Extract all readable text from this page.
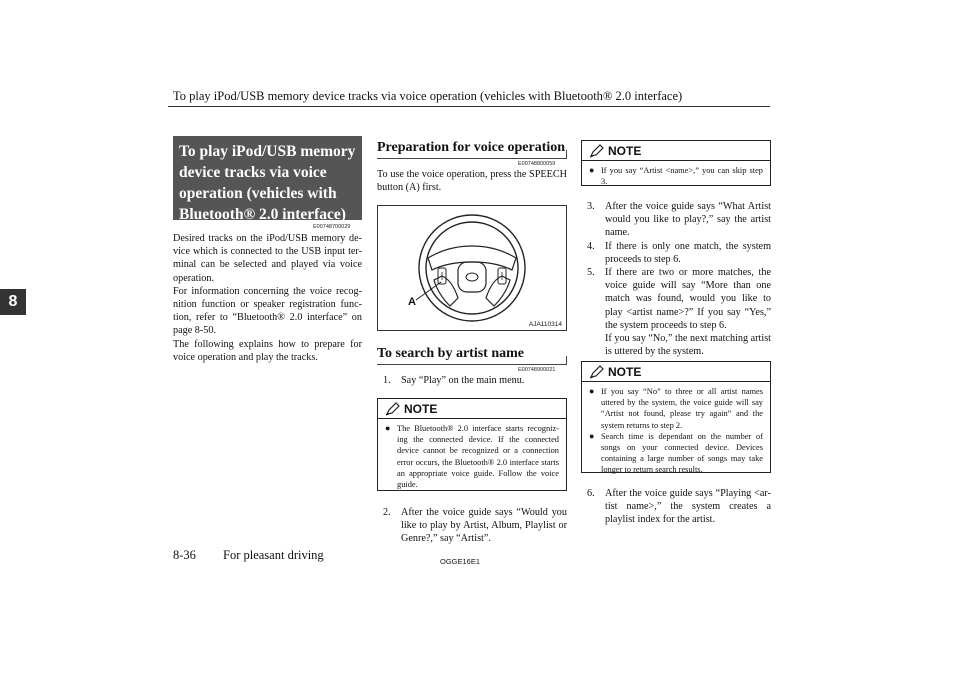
To play iPod/USB memory device tracks via voice operation (vehicles with Bluetooth® 2.0 interface)
8
To play iPod/USB memory
device tracks via voice
operation (vehicles with
Bluetooth® 2.0 interface)
E00748700029

Desired tracks on the iPod/USB memory de-vice which is connected to the USB input ter-minal can be selected and played via voice operation.

For information concerning the voice recog-nition function or speaker registration func-tion, refer to “Bluetooth® 2.0 interface” on page 8-50.

The following explains how to prepare for voice operation and play the tracks.

Preparation for voice operation
E00748800059
To use the voice operation, press the SPEECH button (A) first.
A
AJA110314
To search by artist name
E00748900021
1.	Say “Play” on the main menu.
NOTE
● The Bluetooth® 2.0 interface starts recogniz-ing the connected device. If the connected device cannot be recognized or a connection error occurs, the Bluetooth® 2.0 interface starts an appropriate voice guide. Follow the voice guide.
2.	After the voice guide says “Would you like to play by Artist, Album, Playlist or Genre?,” say “Artist”.
NOTE
● If you say “Artist <name>,” you can skip step 3.
3.	After the voice guide says “What Artist would you like to play?,” say the artist name.
4.	If there is only one match, the system proceeds to step 6.
5.	If there are two or more matches, the voice guide will say “More than one match was found, would you like to play <artist name>?” If you say “Yes,” the system proceeds to step 6.
If you say “No,” the next matching artist is uttered by the system.
NOTE
● If you say “No” to three or all artist names uttered by the system, the voice guide will say “Artist not found, please try again” and the system returns to step 2.
● Search time is dependant on the number of songs on your connected device. Devices containing a large number of songs may take longer to return search results.
6.	After the voice guide says “Playing <ar-tist name>,” the system creates a playlist index for the artist.
8-36 For pleasant driving	OGGE16E1
